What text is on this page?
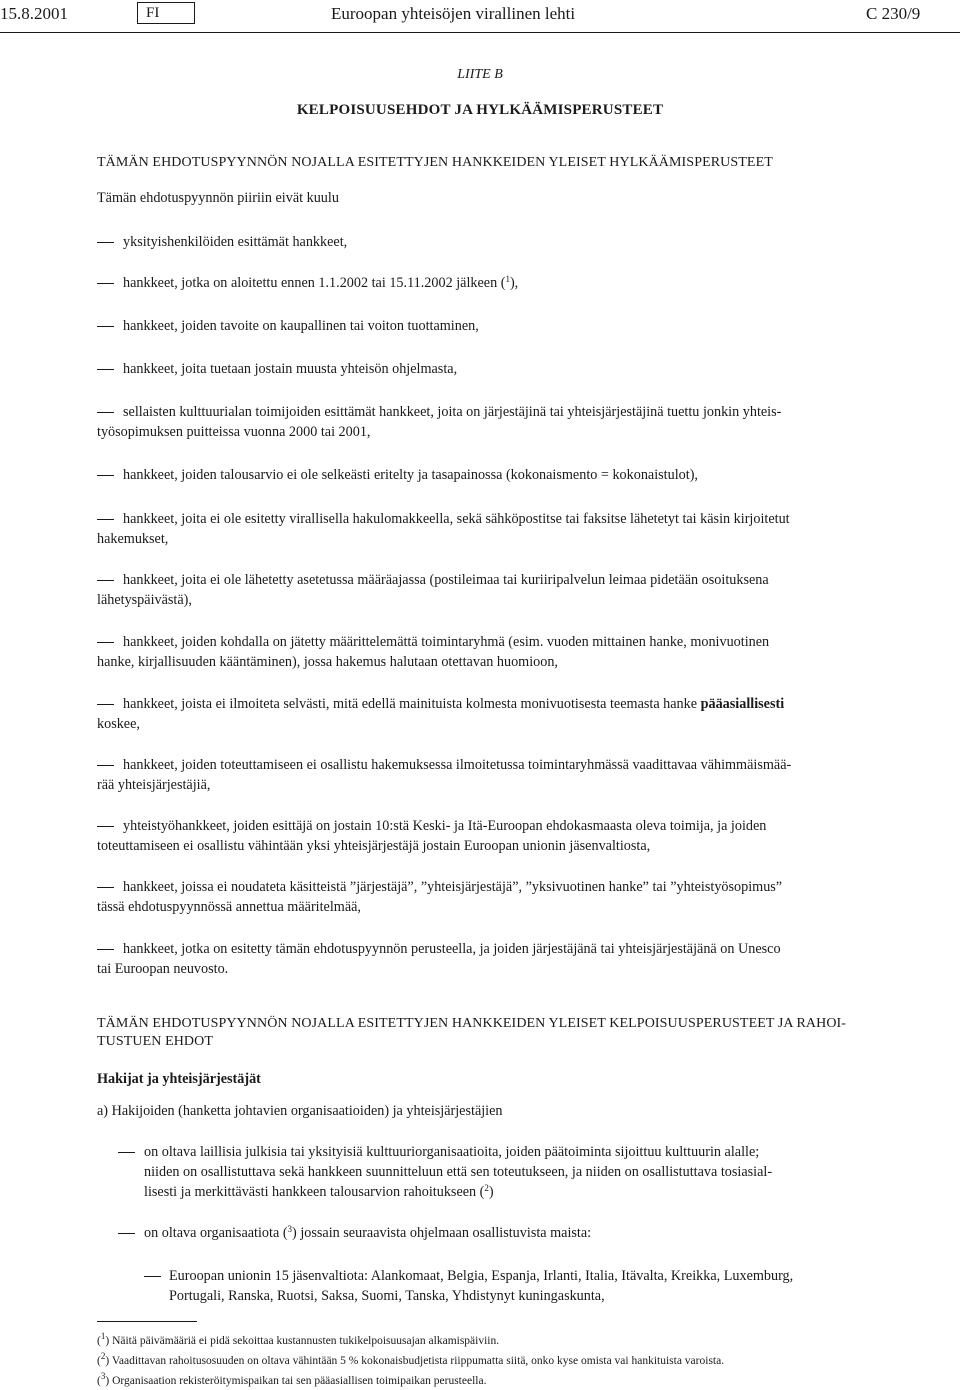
15.8.2001	FI	Euroopan yhteisöjen virallinen lehti	C 230/9
LIITE B
KELPOISUUSEHDOT JA HYLKÄÄMISPERUSTEET
TÄMÄN EHDOTUSPYYNNÖN NOJALLA ESITETTYJEN HANKKEIDEN YLEISET HYLKÄÄMISPERUSTEET
Tämän ehdotuspyynnön piiriin eivät kuulu
yksityishenkilöiden esittämät hankkeet,
hankkeet, jotka on aloitettu ennen 1.1.2002 tai 15.11.2002 jälkeen ($^1$),
hankkeet, joiden tavoite on kaupallinen tai voiton tuottaminen,
hankkeet, joita tuetaan jostain muusta yhteisön ohjelmasta,
sellaisten kulttuurialan toimijoiden esittämät hankkeet, joita on järjestäjinä tai yhteisjärjestäjinä tuettu jonkin yhteis-
työsopimuksen puitteissa vuonna 2000 tai 2001,
hankkeet, joiden talousarvio ei ole selkeästi eritelty ja tasapainossa (kokonaismento = kokonaistulot),
hankkeet, joita ei ole esitetty virallisella hakulomakkeella, sekä sähköpostitse tai faksitse lähetetyt tai käsin kirjoitetut
hakemukset,
hankkeet, joita ei ole lähetetty asetetussa määräajassa (postileimaa tai kuriiripalvelun leimaa pidetään osoituksena
lähetyspäivästä),
hankkeet, joiden kohdalla on jätetty määrittelemättä toimintaryhmä (esim. vuoden mittainen hanke, monivuotinen
hanke, kirjallisuuden kääntäminen), jossa hakemus halutaan otettavan huomioon,
hankkeet, joista ei ilmoiteta selvästi, mitä edellä mainituista kolmesta monivuotisesta teemasta hanke pääasiallisesti
koskee,
hankkeet, joiden toteuttamiseen ei osallistu hakemuksessa ilmoitetussa toimintaryhmässä vaadittavaa vähimmäismää-
rää yhteisjärjestäjiä,
yhteistyöhankkeet, joiden esittäjä on jostain 10:stä Keski- ja Itä-Euroopan ehdokasmaasta oleva toimija, ja joiden
toteuttamiseen ei osallistu vähintään yksi yhteisjärjestäjä jostain Euroopan unionin jäsenvaltiosta,
hankkeet, joissa ei noudateta käsitteistä ”järjestäjä”, ”yhteisjärjestäjä”, ”yksivuotinen hanke” tai ”yhteistyösopimus”
tässä ehdotuspyynnössä annettua määritelmää,
hankkeet, jotka on esitetty tämän ehdotuspyynnön perusteella, ja joiden järjestäjänä tai yhteisjärjestäjänä on Unesco
tai Euroopan neuvosto.
TÄMÄN EHDOTUSPYYNNÖN NOJALLA ESITETTYJEN HANKKEIDEN YLEISET KELPOISUUSPERUSTEET JA RAHOI-
TUSTUEN EHDOT
Hakijat ja yhteisjärjestäjät
a) Hakijoiden (hanketta johtavien organisaatioiden) ja yhteisjärjestäjien
on oltava laillisia julkisia tai yksityisiä kulttuuriorganisaatioita, joiden päätoiminta sijoittuu kulttuurin alalle;
niiden on osallistuttava sekä hankkeen suunnitteluun että sen toteutukseen, ja niiden on osallistuttava tosiasial-
lisesti ja merkittävästi hankkeen talousarvion rahoitukseen ($^2$)
on oltava organisaatiota ($^3$) jossain seuraavista ohjelmaan osallistuvista maista:
Euroopan unionin 15 jäsenvaltiota: Alankomaat, Belgia, Espanja, Irlanti, Italia, Itävalta, Kreikka, Luxemburg,
Portugali, Ranska, Ruotsi, Saksa, Suomi, Tanska, Yhdistynyt kuningaskunta,
($^1$) Näitä päivämääriä ei pidä sekoittaa kustannusten tukikelpoisuusajan alkamispäiviin.
($^2$) Vaadittavan rahoitusosuuden on oltava vähintään 5 % kokonaisbudjetista riippumatta siitä, onko kyse omista vai hankituista varoista.
($^3$) Organisaation rekisteröitymispaikan tai sen pääasiallisen toimipaikan perusteella.
